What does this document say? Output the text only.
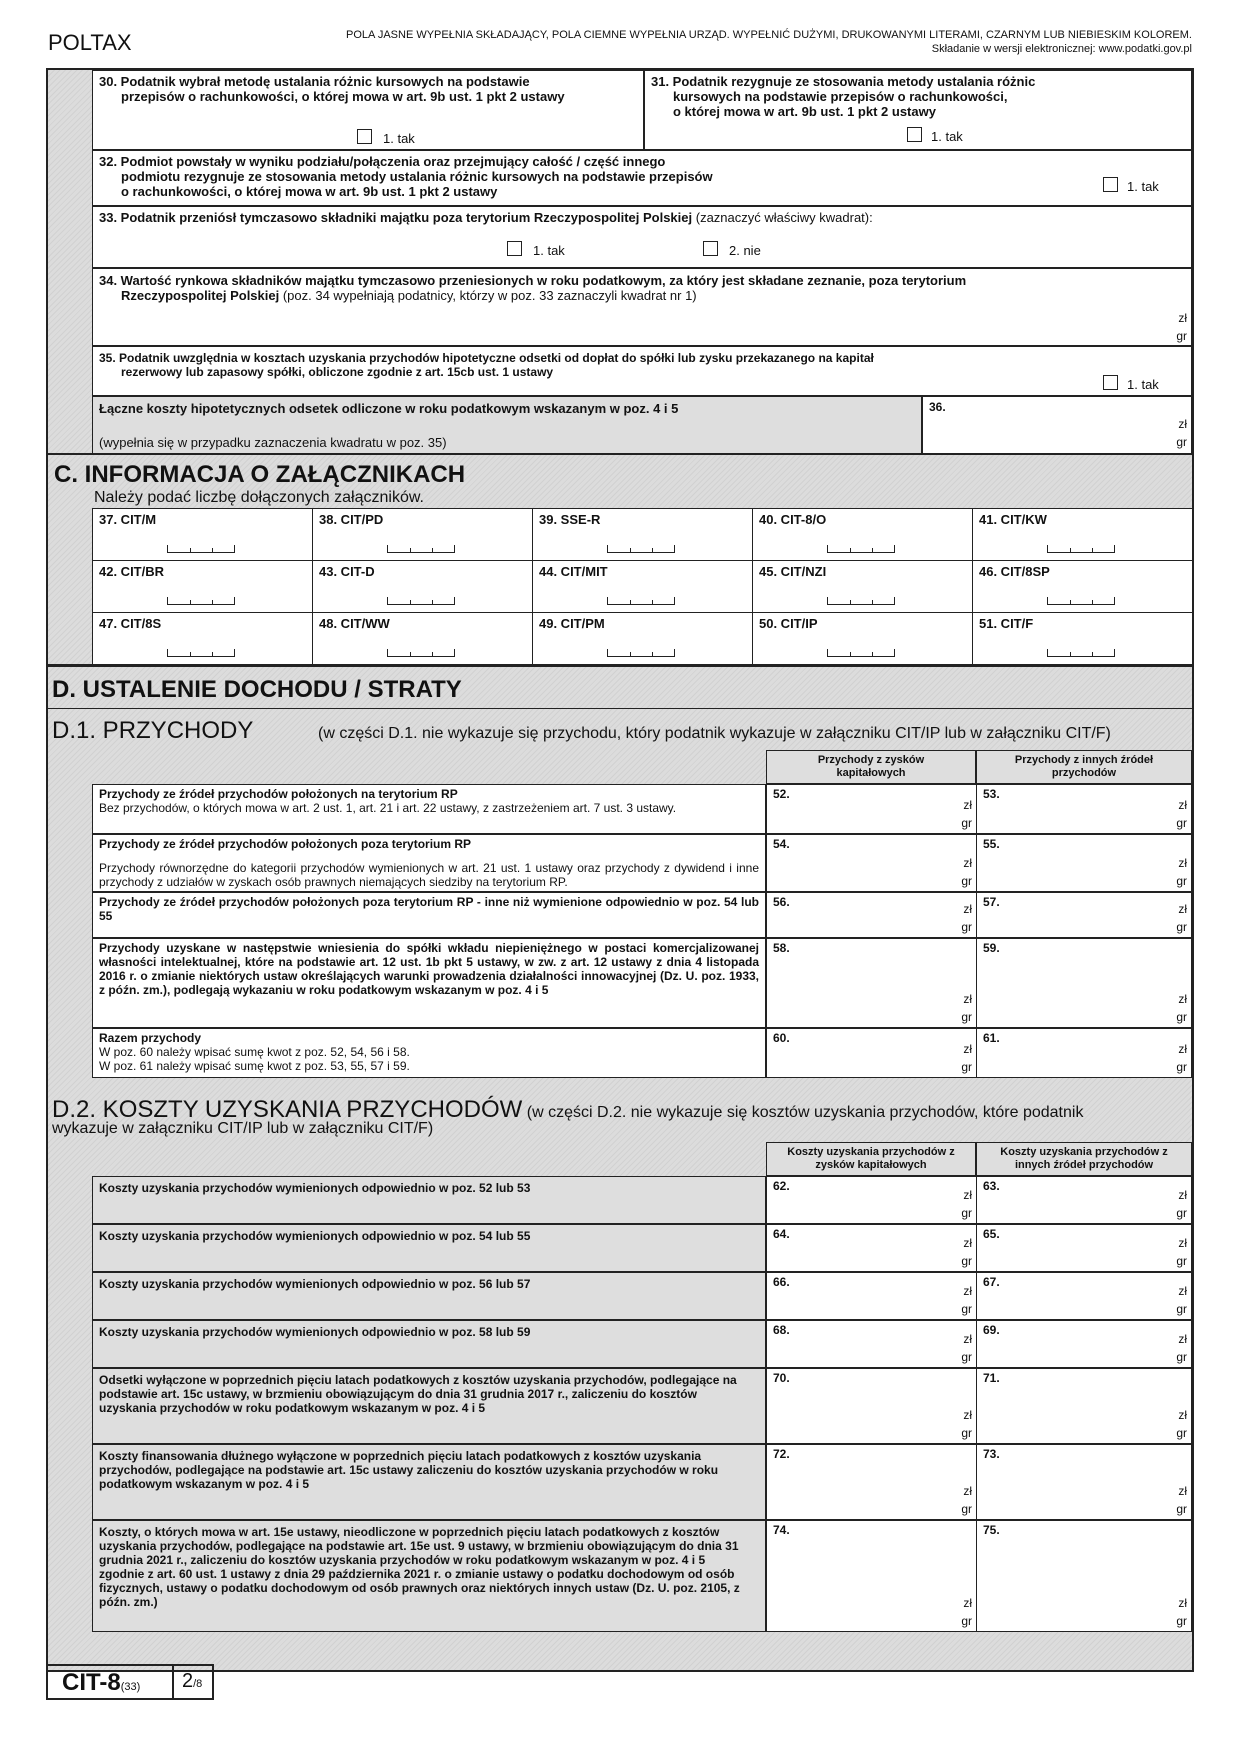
POLTAX	POLA JASNE WYPEŁNIA SKŁADAJĄCY, POLA CIEMNE WYPEŁNIA URZĄD. WYPEŁNIĆ DUŻYMI, DRUKOWANYMI LITERAMI, CZARNYM LUB NIEBIESKIM KOLOREM.
Składanie w wersji elektronicznej: www.podatki.gov.pl
30. Podatnik wybrał metodę ustalania różnic kursowych na podstawie
przepisów o rachunkowości, o której mowa w art. 9b ust. 1 pkt 2 ustawy
1. tak
31. Podatnik rezygnuje ze stosowania metody ustalania różnic
kursowych na podstawie przepisów o rachunkowości,
o której mowa w art. 9b ust. 1 pkt 2 ustawy
1. tak
32. Podmiot powstały w wyniku podziału/połączenia oraz przejmujący całość / część innego
podmiotu rezygnuje ze stosowania metody ustalania różnic kursowych na podstawie przepisów
o rachunkowości, o której mowa w art. 9b ust. 1 pkt 2 ustawy	1. tak
33. Podatnik przeniósł tymczasowo składniki majątku poza terytorium Rzeczypospolitej Polskiej (zaznaczyć właściwy kwadrat):
1. tak	2. nie
34. Wartość rynkowa składników majątku tymczasowo przeniesionych w roku podatkowym, za który jest składane zeznanie, poza terytorium
Rzeczypospolitej Polskiej (poz. 34 wypełniają podatnicy, którzy w poz. 33 zaznaczyli kwadrat nr 1)
zł
gr
35. Podatnik uwzględnia w kosztach uzyskania przychodów hipotetyczne odsetki od dopłat do spółki lub zysku przekazanego na kapitał
rezerwowy lub zapasowy spółki, obliczone zgodnie z art. 15cb ust. 1 ustawy
1. tak
Łączne koszty hipotetycznych odsetek odliczone w roku podatkowym wskazanym w poz. 4 i 5
(wypełnia się w przypadku zaznaczenia kwadratu w poz. 35)
36.
zł
gr
C. INFORMACJA O ZAŁĄCZNIKACH
Należy podać liczbę dołączonych załączników.
37. CIT/M	38. CIT/PD	39. SSE-R	40. CIT-8/O	41. CIT/KW
42. CIT/BR	43. CIT-D	44. CIT/MIT	45. CIT/NZI	46. CIT/8SP
47. CIT/8S	48. CIT/WW	49. CIT/PM	50. CIT/IP	51. CIT/F
D. USTALENIE DOCHODU / STRATY
D.1. PRZYCHODY	(w części D.1. nie wykazuje się przychodu, który podatnik wykazuje w załączniku CIT/IP lub w załączniku CIT/F)
Przychody z zysków kapitałowych
Przychody z innych źródeł przychodów
Przychody ze źródeł przychodów położonych na terytorium RP
Bez przychodów, o których mowa w art. 2 ust. 1, art. 21 i art. 22 ustawy, z zastrzeżeniem art. 7 ust. 3 ustawy.
52.
zł
gr
53.
zł
gr
Przychody ze źródeł przychodów położonych poza terytorium RP
Przychody równorzędne do kategorii przychodów wymienionych w art. 21 ust. 1 ustawy oraz przychody z dywidend i inne przychody z udziałów w zyskach osób prawnych niemających siedziby na terytorium RP.
54.
zł
gr
55.
zł
gr
Przychody ze źródeł przychodów położonych poza terytorium RP - inne niż wymienione odpowiednio w poz. 54 lub 55
56.	zł
gr
57.	zł
gr
Przychody uzyskane w następstwie wniesienia do spółki wkładu niepieniężnego w postaci komercjalizowanej własności intelektualnej, które na podstawie art. 12 ust. 1b pkt 5 ustawy, w zw. z art. 12 ustawy z dnia 4 listopada 2016 r. o zmianie niektórych ustaw określających warunki prowadzenia działalności innowacyjnej (Dz. U. poz. 1933, z późn. zm.), podlegają wykazaniu w roku podatkowym wskazanym w poz. 4 i 5
58.
zł
gr
59.
zł
gr
Razem przychody
W poz. 60 należy wpisać sumę kwot z poz. 52, 54, 56 i 58.
W poz. 61 należy wpisać sumę kwot z poz. 53, 55, 57 i 59.
60.
zł
gr
61.
zł
gr
D.2. KOSZTY UZYSKANIA PRZYCHODÓW (w części D.2. nie wykazuje się kosztów uzyskania przychodów, które podatnik
wykazuje w załączniku CIT/IP lub w załączniku CIT/F)
Koszty uzyskania przychodów z zysków kapitałowych
Koszty uzyskania przychodów z innych źródeł przychodów
Koszty uzyskania przychodów wymienionych odpowiednio w poz. 52 lub 53	62.
zł
gr
63.
zł
gr
Koszty uzyskania przychodów wymienionych odpowiednio w poz. 54 lub 55	64.
zł
gr
65.
zł
gr
Koszty uzyskania przychodów wymienionych odpowiednio w poz. 56 lub 57	66.
zł
gr
67.
zł
gr
Koszty uzyskania przychodów wymienionych odpowiednio w poz. 58 lub 59	68.
zł
gr
69.
zł
gr
Odsetki wyłączone w poprzednich pięciu latach podatkowych z kosztów uzyskania przychodów, podlegające na podstawie art. 15c ustawy, w brzmieniu obowiązującym do dnia 31 grudnia 2017 r., zaliczeniu do kosztów uzyskania przychodów w roku podatkowym wskazanym w poz. 4 i 5
70.
zł
gr
71.
zł
gr
Koszty finansowania dłużnego wyłączone w poprzednich pięciu latach podatkowych z kosztów uzyskania przychodów, podlegające na podstawie art. 15c ustawy zaliczeniu do kosztów uzyskania przychodów w roku podatkowym wskazanym w poz. 4 i 5
72.
zł
gr
73.
zł
gr
Koszty, o których mowa w art. 15e ustawy, nieodliczone w poprzednich pięciu latach podatkowych z kosztów uzyskania przychodów, podlegające na podstawie art. 15e ust. 9 ustawy, w brzmieniu obowiązującym do dnia 31 grudnia 2021 r., zaliczeniu do kosztów uzyskania przychodów w roku podatkowym wskazanym w poz. 4 i 5 zgodnie z art. 60 ust. 1 ustawy z dnia 29 października 2021 r. o zmianie ustawy o podatku dochodowym od osób fizycznych, ustawy o podatku dochodowym od osób prawnych oraz niektórych innych ustaw (Dz. U. poz. 2105, z późn. zm.)
74.
zł
gr
75.
zł
gr
CIT-8(33) 2/8
